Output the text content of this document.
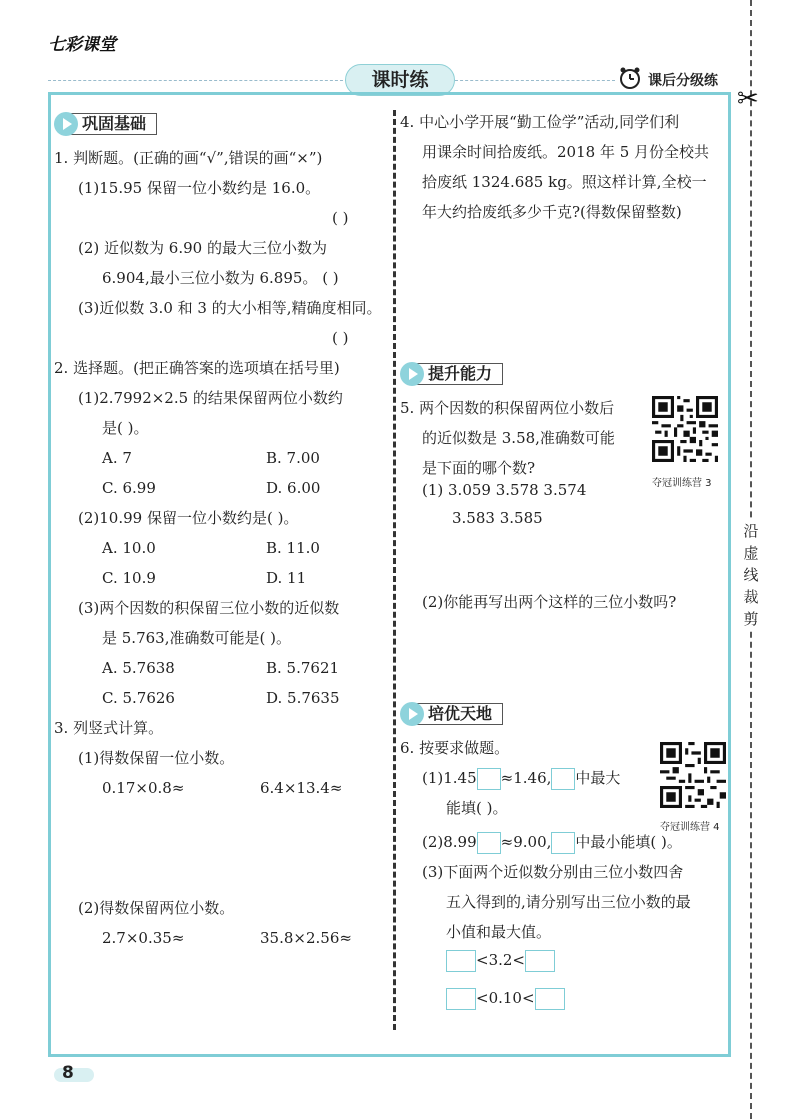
七彩课堂
课时练	课后分级练
✂
沿
虚
线
裁
剪
巩固基础
1. 判断题。(正确的画“√”,错误的画“×”)
(1)15.95 保留一位小数约是 16.0。
( )
(2) 近似数为 6.90 的最大三位小数为
6.904,最小三位小数为 6.895。 ( )
(3)近似数 3.0 和 3 的大小相等,精确度相同。
( )
2. 选择题。(把正确答案的选项填在括号里)
(1)2.7992×2.5 的结果保留两位小数约
是( )。
A. 7	B. 7.00
C. 6.99	D. 6.00
(2)10.99 保留一位小数约是( )。
A. 10.0	B. 11.0
C. 10.9	D. 11
(3)两个因数的积保留三位小数的近似数
是 5.763,准确数可能是( )。
A. 5.7638	B. 5.7621
C. 5.7626	D. 5.7635
3. 列竖式计算。
(1)得数保留一位小数。
0.17×0.8≈	6.4×13.4≈
(2)得数保留两位小数。
2.7×0.35≈	35.8×2.56≈
4. 中心小学开展“勤工俭学”活动,同学们利
用课余时间拾废纸。2018 年 5 月份全校共
拾废纸 1324.685 kg。照这样计算,全校一
年大约拾废纸多少千克?(得数保留整数)
提升能力
5. 两个因数的积保留两位小数后
的近似数是 3.58,准确数可能
是下面的哪个数?
(1) 3.059 3.578 3.574
3.583 3.585
(2)你能再写出两个这样的三位小数吗?
夺冠训练营 3
培优天地
6. 按要求做题。
(1)1.45 ≈1.46, 中最大
能填( )。
(2)8.99 ≈9.00, 中最小能填( )。
(3)下面两个近似数分别由三位小数四舍
五入得到的,请分别写出三位小数的最
小值和最大值。
<3.2<
<0.10<
夺冠训练营 4
8
